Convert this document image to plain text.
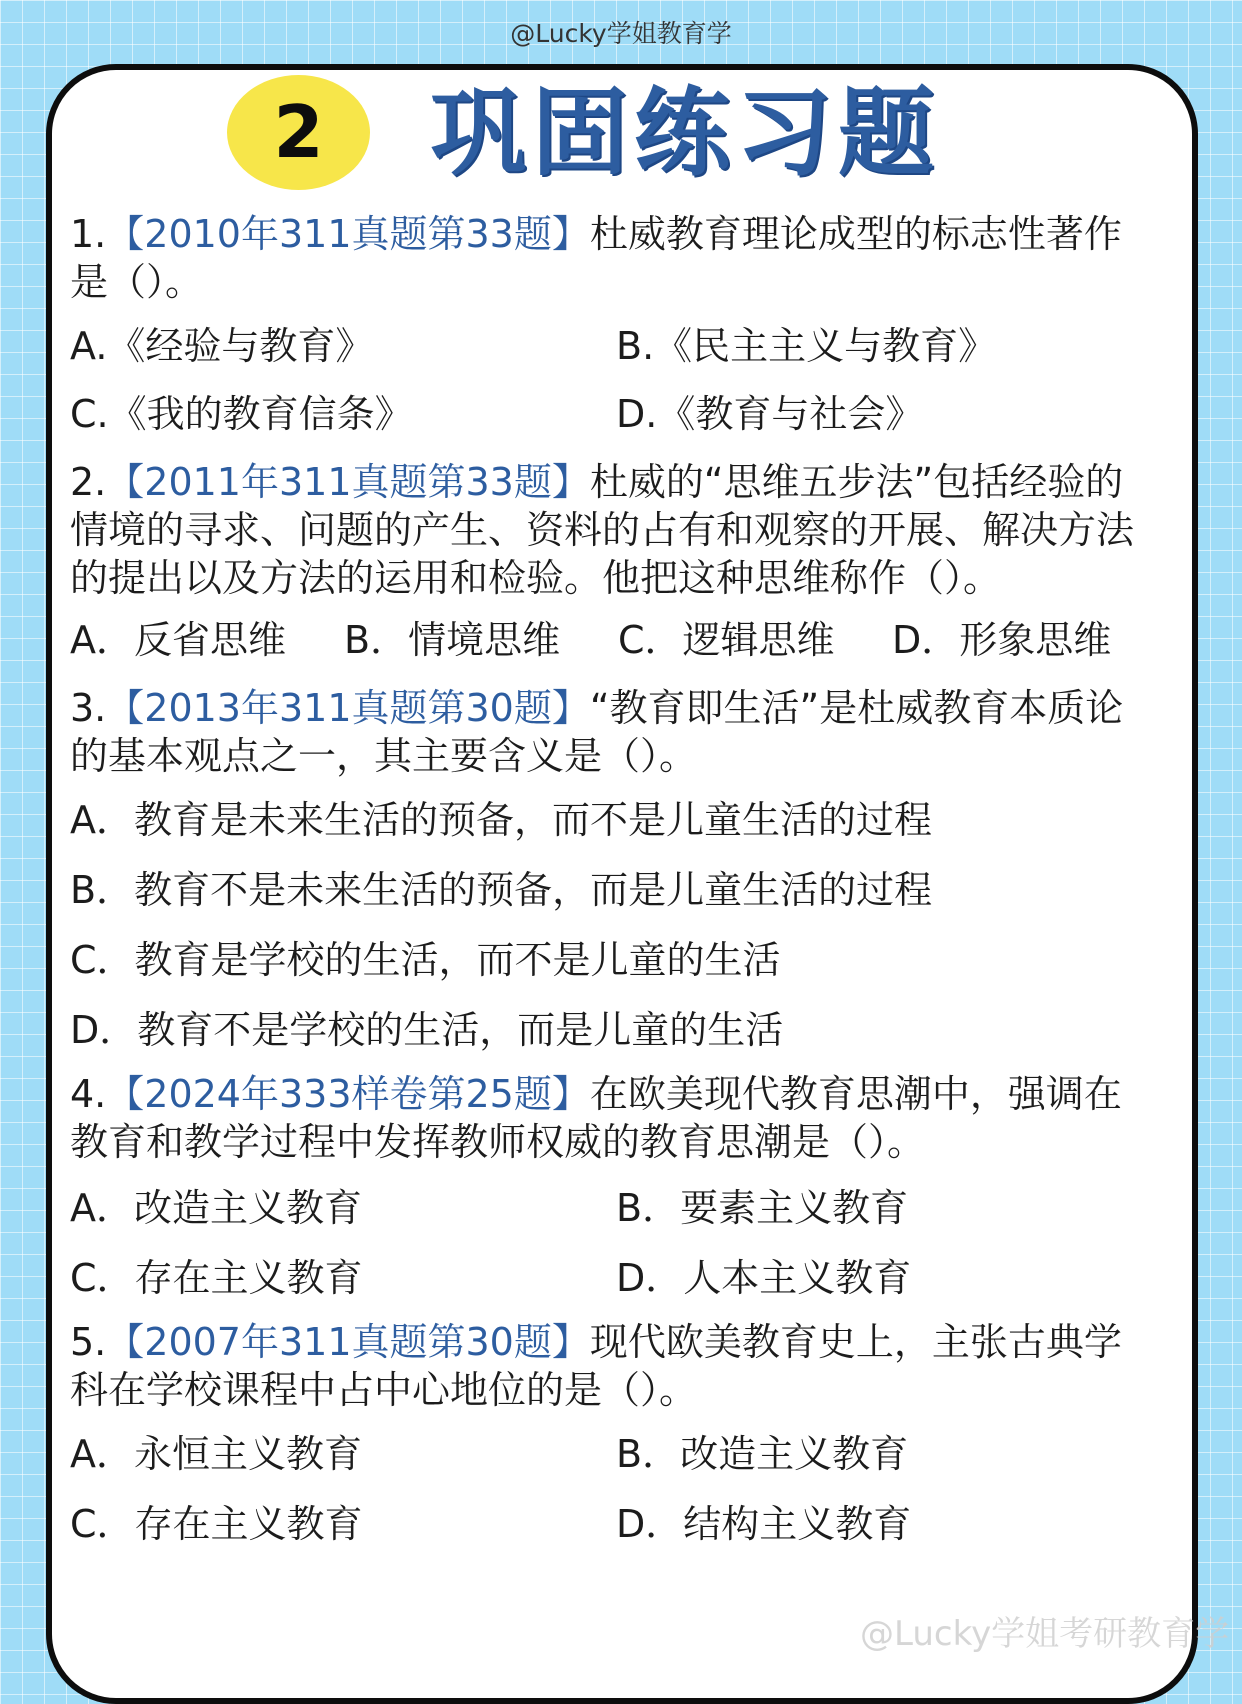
@Lucky学姐教育学
2	巩固练习题
1.【2010年311真题第33题】杜威教育理论成型的标志性著作是（）。
A.《经验与教育》	B.《民主主义与教育》
C.《我的教育信条》	D.《教育与社会》
2.【2011年311真题第33题】杜威的“思维五步法”包括经验的情境的寻求、问题的产生、资料的占有和观察的开展、解决方法的提出以及方法的运用和检验。他把这种思维称作（）。
A．反省思维 B．情境思维 C．逻辑思维 D．形象思维
3.【2013年311真题第30题】“教育即生活”是杜威教育本质论的基本观点之一，其主要含义是（）。
A．教育是未来生活的预备，而不是儿童生活的过程
B．教育不是未来生活的预备，而是儿童生活的过程
C．教育是学校的生活，而不是儿童的生活
D．教育不是学校的生活，而是儿童的生活
4.【2024年333样卷第25题】在欧美现代教育思潮中，强调在教育和教学过程中发挥教师权威的教育思潮是（）。
A．改造主义教育	B．要素主义教育
C．存在主义教育	D．人本主义教育
5.【2007年311真题第30题】现代欧美教育史上，主张古典学科在学校课程中占中心地位的是（）。
A．永恒主义教育	B．改造主义教育
C．存在主义教育	D．结构主义教育
@Lucky学姐考研教育学
